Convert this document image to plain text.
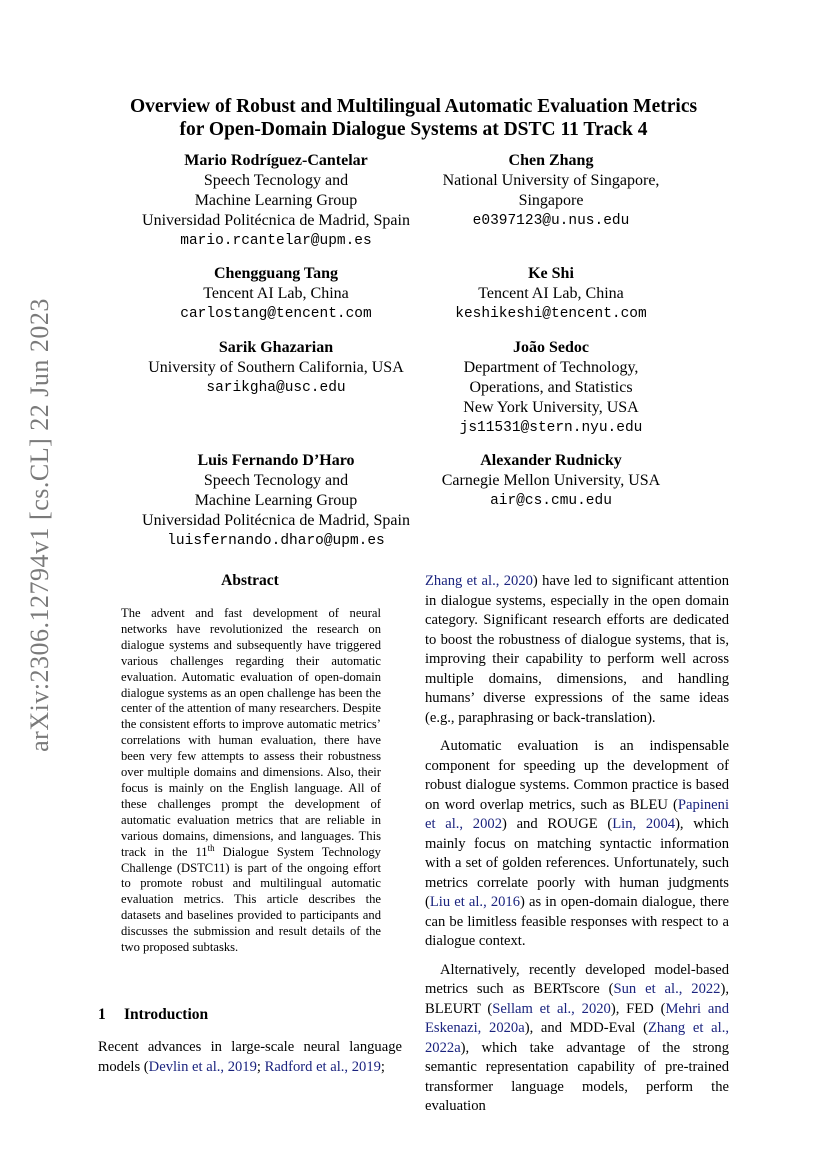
arXiv:2306.12794v1 [cs.CL] 22 Jun 2023
Overview of Robust and Multilingual Automatic Evaluation Metrics
for Open-Domain Dialogue Systems at DSTC 11 Track 4
Mario Rodríguez-Cantelar
Speech Tecnology and
Machine Learning Group
Universidad Politécnica de Madrid, Spain
mario.rcantelar@upm.es
Chen Zhang
National University of Singapore,
Singapore
e0397123@u.nus.edu
Chengguang Tang
Tencent AI Lab, China
carlostang@tencent.com
Ke Shi
Tencent AI Lab, China
keshikeshi@tencent.com
Sarik Ghazarian
University of Southern California, USA
sarikgha@usc.edu
João Sedoc
Department of Technology,
Operations, and Statistics
New York University, USA
js11531@stern.nyu.edu
Luis Fernando D’Haro
Speech Tecnology and
Machine Learning Group
Universidad Politécnica de Madrid, Spain
luisfernando.dharo@upm.es
Alexander Rudnicky
Carnegie Mellon University, USA
air@cs.cmu.edu
Abstract

The advent and fast development of neural networks have revolutionized the research on dialogue systems and subsequently have triggered various challenges regarding their automatic evaluation. Automatic evaluation of open-domain dialogue systems as an open challenge has been the center of the attention of many researchers. Despite the consistent efforts to improve automatic metrics’ correlations with human evaluation, there have been very few attempts to assess their robustness over multiple domains and dimensions. Also, their focus is mainly on the English language. All of these challenges prompt the development of automatic evaluation metrics that are reliable in various domains, dimensions, and languages. This track in the 11th Dialogue System Technology Challenge (DSTC11) is part of the ongoing effort to promote robust and multilingual automatic evaluation metrics. This article describes the datasets and baselines provided to participants and discusses the submission and result details of the two proposed subtasks.

1 Introduction

Recent advances in large-scale neural language models (Devlin et al., 2019; Radford et al., 2019;

Zhang et al., 2020) have led to significant attention in dialogue systems, especially in the open domain category. Significant research efforts are dedicated to boost the robustness of dialogue systems, that is, improving their capability to perform well across multiple domains, dimensions, and handling humans’ diverse expressions of the same ideas (e.g., paraphrasing or back-translation).

Automatic evaluation is an indispensable component for speeding up the development of robust dialogue systems. Common practice is based on word overlap metrics, such as BLEU (Papineni et al., 2002) and ROUGE (Lin, 2004), which mainly focus on matching syntactic information with a set of golden references. Unfortunately, such metrics correlate poorly with human judgments (Liu et al., 2016) as in open-domain dialogue, there can be limitless feasible responses with respect to a dialogue context.

Alternatively, recently developed model-based metrics such as BERTscore (Sun et al., 2022), BLEURT (Sellam et al., 2020), FED (Mehri and Eskenazi, 2020a), and MDD-Eval (Zhang et al., 2022a), which take advantage of the strong semantic representation capability of pre-trained transformer language models, perform the evaluation
